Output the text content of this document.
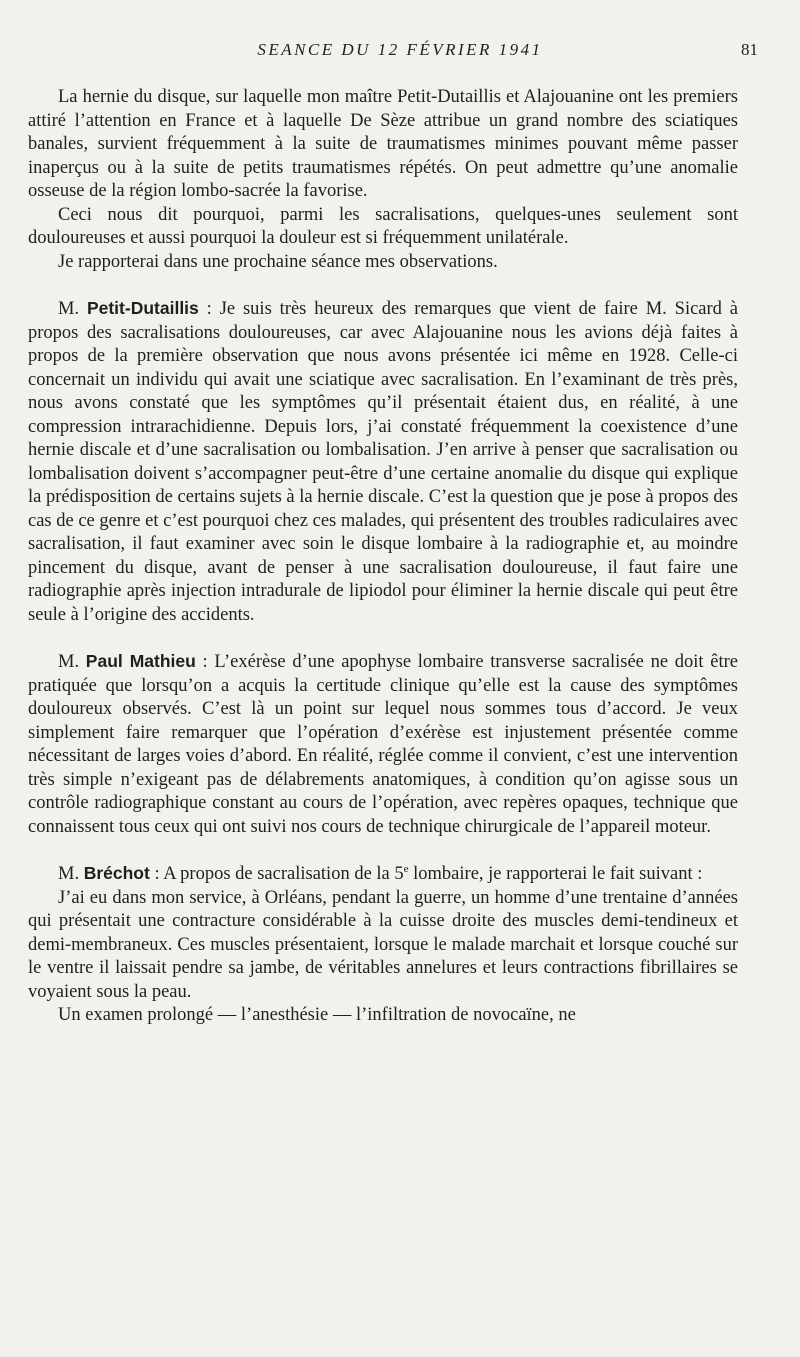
SEANCE DU 12 FÉVRIER 1941	81

La hernie du disque, sur laquelle mon maître Petit-Dutaillis et Alajouanine ont les premiers attiré l’attention en France et à laquelle De Sèze attribue un grand nombre des sciatiques banales, survient fréquemment à la suite de traumatismes minimes pouvant même passer inaperçus ou à la suite de petits traumatismes répétés. On peut admettre qu’une anomalie osseuse de la région lombo-sacrée la favorise.

Ceci nous dit pourquoi, parmi les sacralisations, quelques-unes seulement sont douloureuses et aussi pourquoi la douleur est si fréquemment unilatérale.

Je rapporterai dans une prochaine séance mes observations.

M. Petit-Dutaillis : Je suis très heureux des remarques que vient de faire M. Sicard à propos des sacralisations douloureuses, car avec Alajouanine nous les avions déjà faites à propos de la première observation que nous avons présentée ici même en 1928. Celle-ci concernait un individu qui avait une sciatique avec sacralisation. En l’examinant de très près, nous avons constaté que les symptômes qu’il présentait étaient dus, en réalité, à une compression intrarachidienne. Depuis lors, j’ai constaté fréquemment la coexistence d’une hernie discale et d’une sacralisation ou lombalisation. J’en arrive à penser que sacralisation ou lombalisation doivent s’accompagner peut-être d’une certaine anomalie du disque qui explique la prédisposition de certains sujets à la hernie discale. C’est la question que je pose à propos des cas de ce genre et c’est pourquoi chez ces malades, qui présentent des troubles radiculaires avec sacralisation, il faut examiner avec soin le disque lombaire à la radiographie et, au moindre pincement du disque, avant de penser à une sacralisation douloureuse, il faut faire une radiographie après injection intradurale de lipiodol pour éliminer la hernie discale qui peut être seule à l’origine des accidents.

M. Paul Mathieu : L’exérèse d’une apophyse lombaire transverse sacralisée ne doit être pratiquée que lorsqu’on a acquis la certitude clinique qu’elle est la cause des symptômes douloureux observés. C’est là un point sur lequel nous sommes tous d’accord. Je veux simplement faire remarquer que l’opération d’exérèse est injustement présentée comme nécessitant de larges voies d’abord. En réalité, réglée comme il convient, c’est une intervention très simple n’exigeant pas de délabrements anatomiques, à condition qu’on agisse sous un contrôle radiographique constant au cours de l’opération, avec repères opaques, technique que connaissent tous ceux qui ont suivi nos cours de technique chirurgicale de l’appareil moteur.

M. Bréchot : A propos de sacralisation de la 5e lombaire, je rapporterai le fait suivant :

J’ai eu dans mon service, à Orléans, pendant la guerre, un homme d’une trentaine d’années qui présentait une contracture considérable à la cuisse droite des muscles demi-tendineux et demi-membraneux. Ces muscles présentaient, lorsque le malade marchait et lorsque couché sur le ventre il laissait pendre sa jambe, de véritables annelures et leurs contractions fibrillaires se voyaient sous la peau.

Un examen prolongé — l’anesthésie — l’infiltration de novocaïne, ne
